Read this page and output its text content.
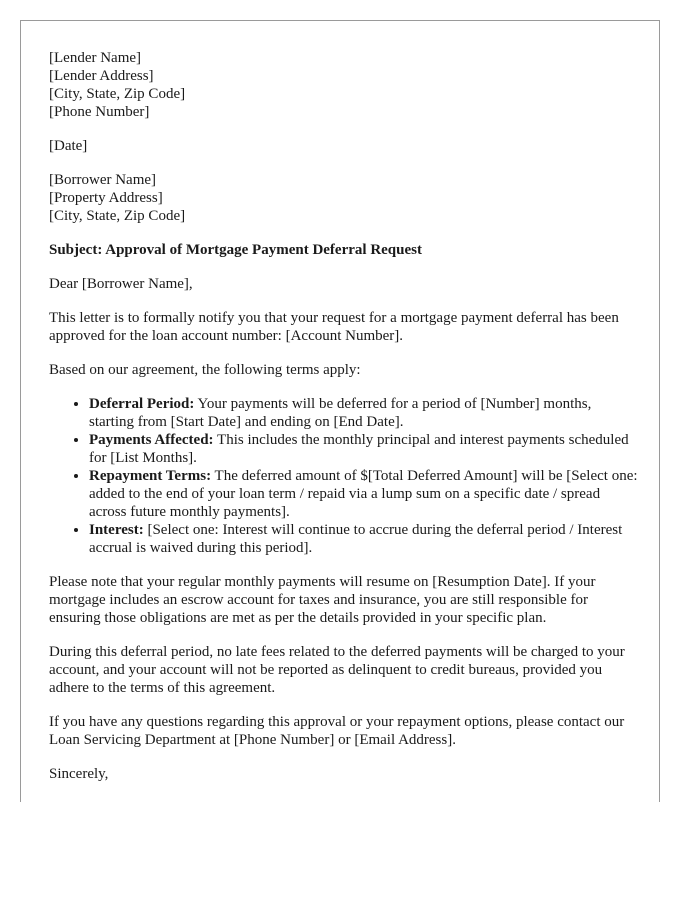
[Lender Name]
[Lender Address]
[City, State, Zip Code]
[Phone Number]
[Date]
[Borrower Name]
[Property Address]
[City, State, Zip Code]

Subject: Approval of Mortgage Payment Deferral Request

Dear [Borrower Name],

This letter is to formally notify you that your request for a mortgage payment deferral has been approved for the loan account number: [Account Number].

Based on our agreement, the following terms apply:

• Deferral Period: Your payments will be deferred for a period of [Number] months, starting from [Start Date] and ending on [End Date].
• Payments Affected: This includes the monthly principal and interest payments scheduled for [List Months].
• Repayment Terms: The deferred amount of $[Total Deferred Amount] will be [Select one: added to the end of your loan term / repaid via a lump sum on a specific date / spread across future monthly payments].
• Interest: [Select one: Interest will continue to accrue during the deferral period / Interest accrual is waived during this period].

Please note that your regular monthly payments will resume on [Resumption Date]. If your mortgage includes an escrow account for taxes and insurance, you are still responsible for ensuring those obligations are met as per the details provided in your specific plan.

During this deferral period, no late fees related to the deferred payments will be charged to your account, and your account will not be reported as delinquent to credit bureaus, provided you adhere to the terms of this agreement.

If you have any questions regarding this approval or your repayment options, please contact our Loan Servicing Department at [Phone Number] or [Email Address].

Sincerely,
